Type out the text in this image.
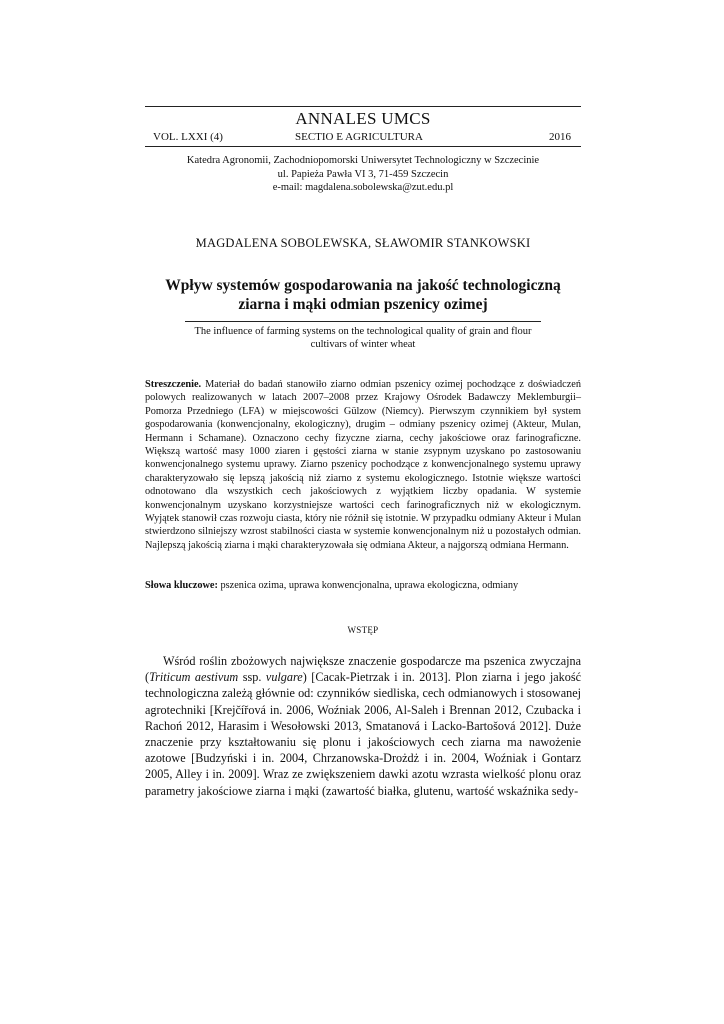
ANNALES UMCS
VOL. LXXI (4)	SECTIO E AGRICULTURA	2016
Katedra Agronomii, Zachodniopomorski Uniwersytet Technologiczny w Szczecinie
ul. Papieża Pawła VI 3, 71-459 Szczecin
e-mail: magdalena.sobolewska@zut.edu.pl
MAGDALENA SOBOLEWSKA, SŁAWOMIR STANKOWSKI
Wpływ systemów gospodarowania na jakość technologiczną
ziarna i mąki odmian pszenicy ozimej
The influence of farming systems on the technological quality of grain and flour
cultivars of winter wheat
Streszczenie. Materiał do badań stanowiło ziarno odmian pszenicy ozimej pochodzące z doświadczeń polowych realizowanych w latach 2007–2008 przez Krajowy Ośrodek Badawczy Meklemburgii–Pomorza Przedniego (LFA) w miejscowości Gülzow (Niemcy). Pierwszym czynnikiem był system gospodarowania (konwencjonalny, ekologiczny), drugim – odmiany pszenicy ozimej (Akteur, Mulan, Hermann i Schamane). Oznaczono cechy fizyczne ziarna, cechy jakościowe oraz farinograficzne. Większą wartość masy 1000 ziaren i gęstości ziarna w stanie zsypnym uzyskano po zastosowaniu konwencjonalnego systemu uprawy. Ziarno pszenicy pochodzące z konwencjonalnego systemu uprawy charakteryzowało się lepszą jakością niż ziarno z systemu ekologicznego. Istotnie większe wartości odnotowano dla wszystkich cech jakościowych z wyjątkiem liczby opadania. W systemie konwencjonalnym uzyskano korzystniejsze wartości cech farinograficznych niż w ekologicznym. Wyjątek stanowił czas rozwoju ciasta, który nie różnił się istotnie. W przypadku odmiany Akteur i Mulan stwierdzono silniejszy wzrost stabilności ciasta w systemie konwencjonalnym niż u pozostałych odmian. Najlepszą jakością ziarna i mąki charakteryzowała się odmiana Akteur, a najgorszą odmiana Hermann.
Słowa kluczowe: pszenica ozima, uprawa konwencjonalna, uprawa ekologiczna, odmiany
WSTĘP
Wśród roślin zbożowych największe znaczenie gospodarcze ma pszenica zwyczajna (Triticum aestivum ssp. vulgare) [Cacak-Pietrzak i in. 2013]. Plon ziarna i jego jakość technologiczna zależą głównie od: czynników siedliska, cech odmianowych i stosowanej agrotechniki [Krejčířová in. 2006, Woźniak 2006, Al-Saleh i Brennan 2012, Czubacka i Rachoń 2012, Harasim i Wesołowski 2013, Smatanová i Lacko-Bartošová 2012]. Duże znaczenie przy kształtowaniu się plonu i jakościowych cech ziarna ma nawożenie azotowe [Budzyński i in. 2004, Chrzanowska-Drożdż i in. 2004, Woźniak i Gontarz 2005, Alley i in. 2009]. Wraz ze zwiększeniem dawki azotu wzrasta wielkość plonu oraz parametry jakościowe ziarna i mąki (zawartość białka, glutenu, wartość wskaźnika sedy-
